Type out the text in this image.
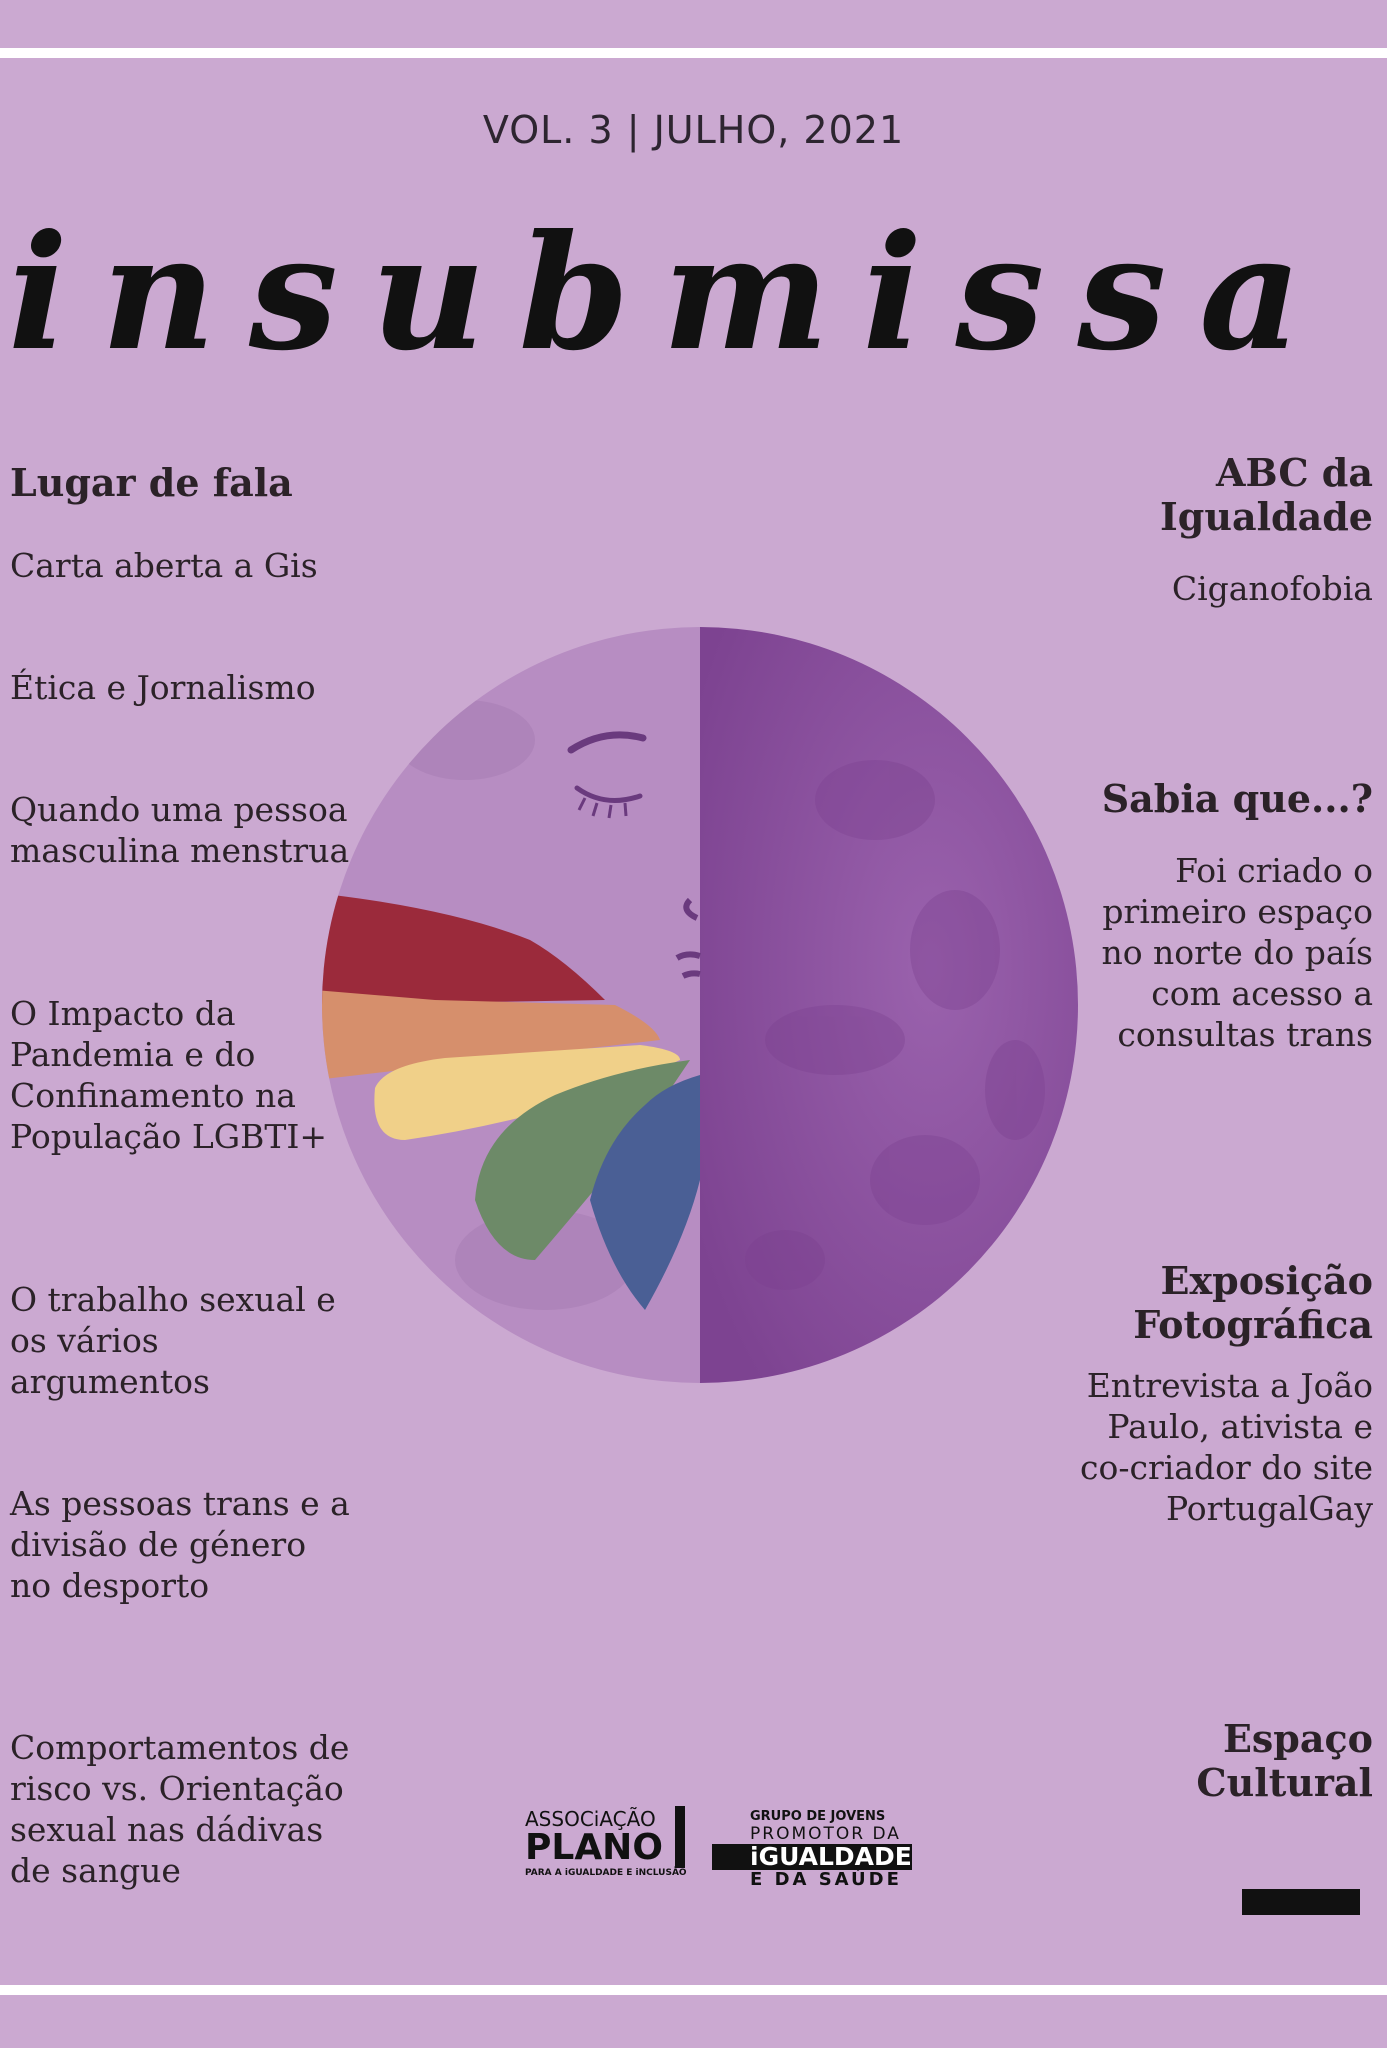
VOL. 3 | JULHO, 2021
insubmissa
Lugar de fala
Carta aberta a Gis
Ética e Jornalismo
Quando uma pessoa masculina menstrua
O Impacto da Pandemia e do Confinamento na População LGBTI+
O trabalho sexual e os vários argumentos
As pessoas trans e a divisão de género no desporto
Comportamentos de risco vs. Orientação sexual nas dádivas de sangue
ABC da Igualdade
Ciganofobia
Sabia que...?
Foi criado o primeiro espaço no norte do país com acesso a consultas trans
Exposição Fotográfica
Entrevista a João Paulo, ativista e co-criador do site PortugalGay
Espaço Cultural
ASSOCiAÇÃO
PLANO
PARA A iGUALDADE E iNCLUSÃO
GRUPO DE JOVENS
PROMOTOR DA
iGUALDADE
E DA SAÚDE
